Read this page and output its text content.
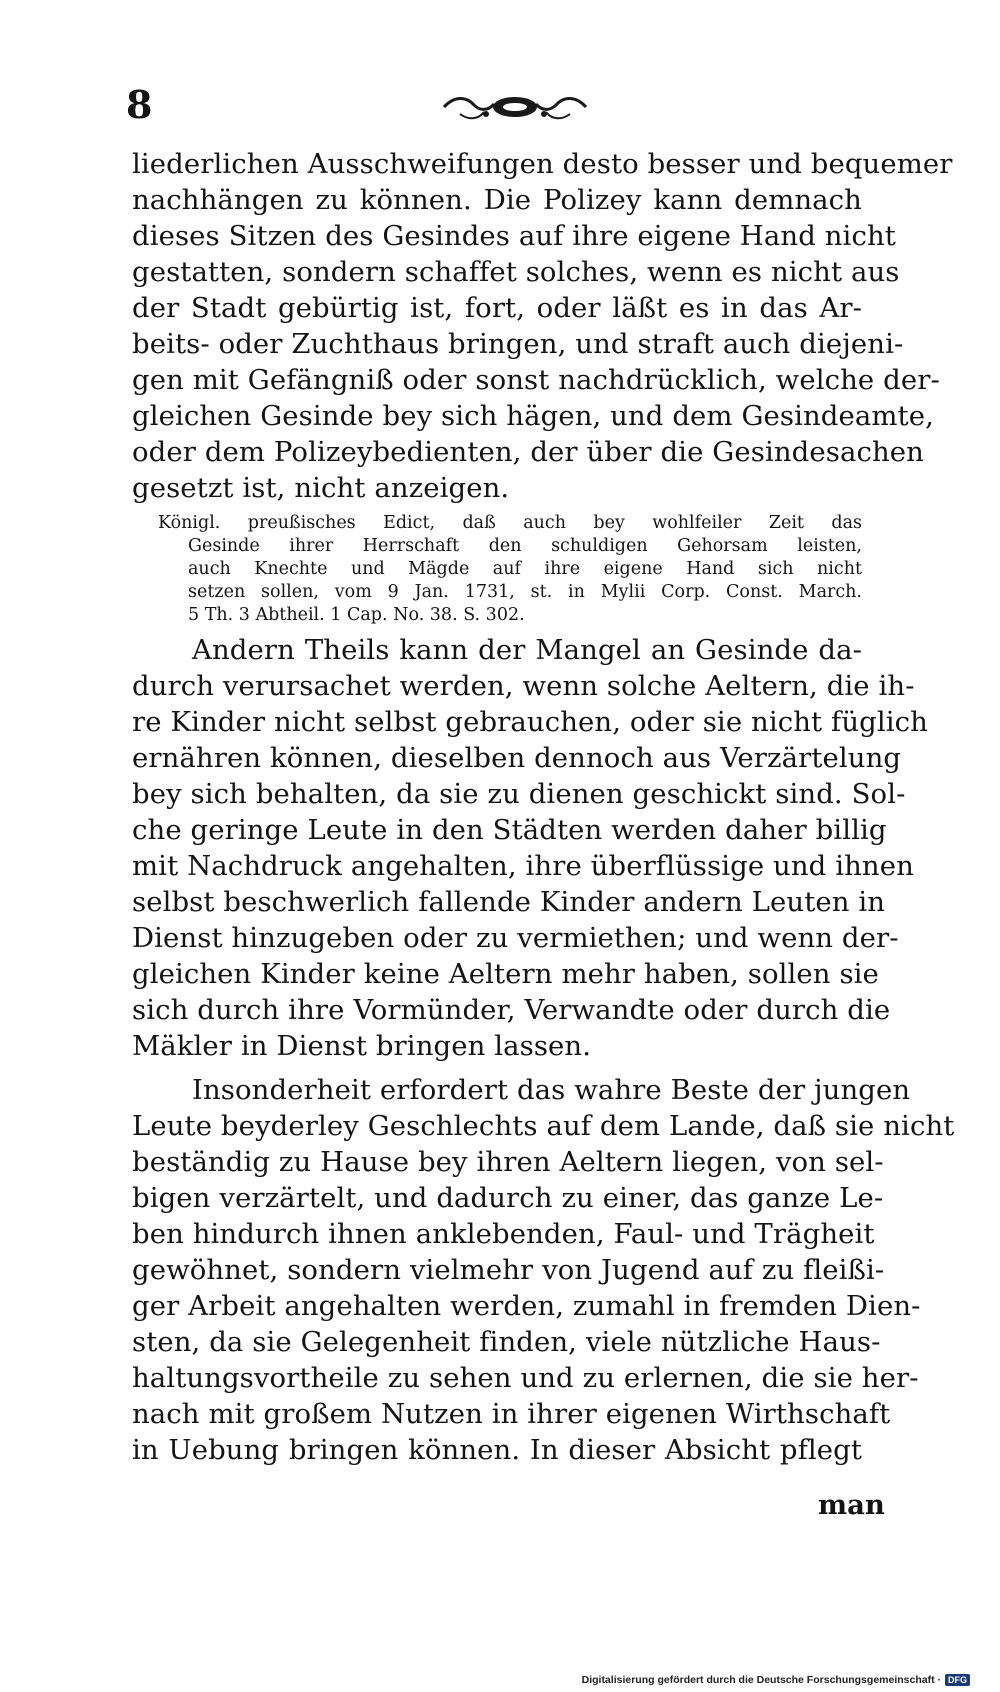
8
liederlichen Ausschweifungen desto besser und bequemer
nachhängen zu können. Die Polizey kann demnach
dieses Sitzen des Gesindes auf ihre eigene Hand nicht
gestatten, sondern schaffet solches, wenn es nicht aus
der Stadt gebürtig ist, fort, oder läßt es in das Ar-
beits- oder Zuchthaus bringen, und straft auch diejeni-
gen mit Gefängniß oder sonst nachdrücklich, welche der-
gleichen Gesinde bey sich hägen, und dem Gesindeamte,
oder dem Polizeybedienten, der über die Gesindesachen
gesetzt ist, nicht anzeigen.
Königl. preußisches Edict, daß auch bey wohlfeiler Zeit das
Gesinde ihrer Herrschaft den schuldigen Gehorsam leisten,
auch Knechte und Mägde auf ihre eigene Hand sich nicht
setzen sollen, vom 9 Jan. 1731, st. in Mylii Corp. Const. March.
5 Th. 3 Abtheil. 1 Cap. No. 38. S. 302.
Andern Theils kann der Mangel an Gesinde da-
durch verursachet werden, wenn solche Aeltern, die ih-
re Kinder nicht selbst gebrauchen, oder sie nicht füglich
ernähren können, dieselben dennoch aus Verzärtelung
bey sich behalten, da sie zu dienen geschickt sind. Sol-
che geringe Leute in den Städten werden daher billig
mit Nachdruck angehalten, ihre überflüssige und ihnen
selbst beschwerlich fallende Kinder andern Leuten in
Dienst hinzugeben oder zu vermiethen; und wenn der-
gleichen Kinder keine Aeltern mehr haben, sollen sie
sich durch ihre Vormünder, Verwandte oder durch die
Mäkler in Dienst bringen lassen.
Insonderheit erfordert das wahre Beste der jungen
Leute beyderley Geschlechts auf dem Lande, daß sie nicht
beständig zu Hause bey ihren Aeltern liegen, von sel-
bigen verzärtelt, und dadurch zu einer, das ganze Le-
ben hindurch ihnen anklebenden, Faul- und Trägheit
gewöhnet, sondern vielmehr von Jugend auf zu fleißi-
ger Arbeit angehalten werden, zumahl in fremden Dien-
sten, da sie Gelegenheit finden, viele nützliche Haus-
haltungsvortheile zu sehen und zu erlernen, die sie her-
nach mit großem Nutzen in ihrer eigenen Wirthschaft
in Uebung bringen können. In dieser Absicht pflegt
man
Digitalisierung gefördert durch die Deutsche Forschungsgemeinschaft · DFG
